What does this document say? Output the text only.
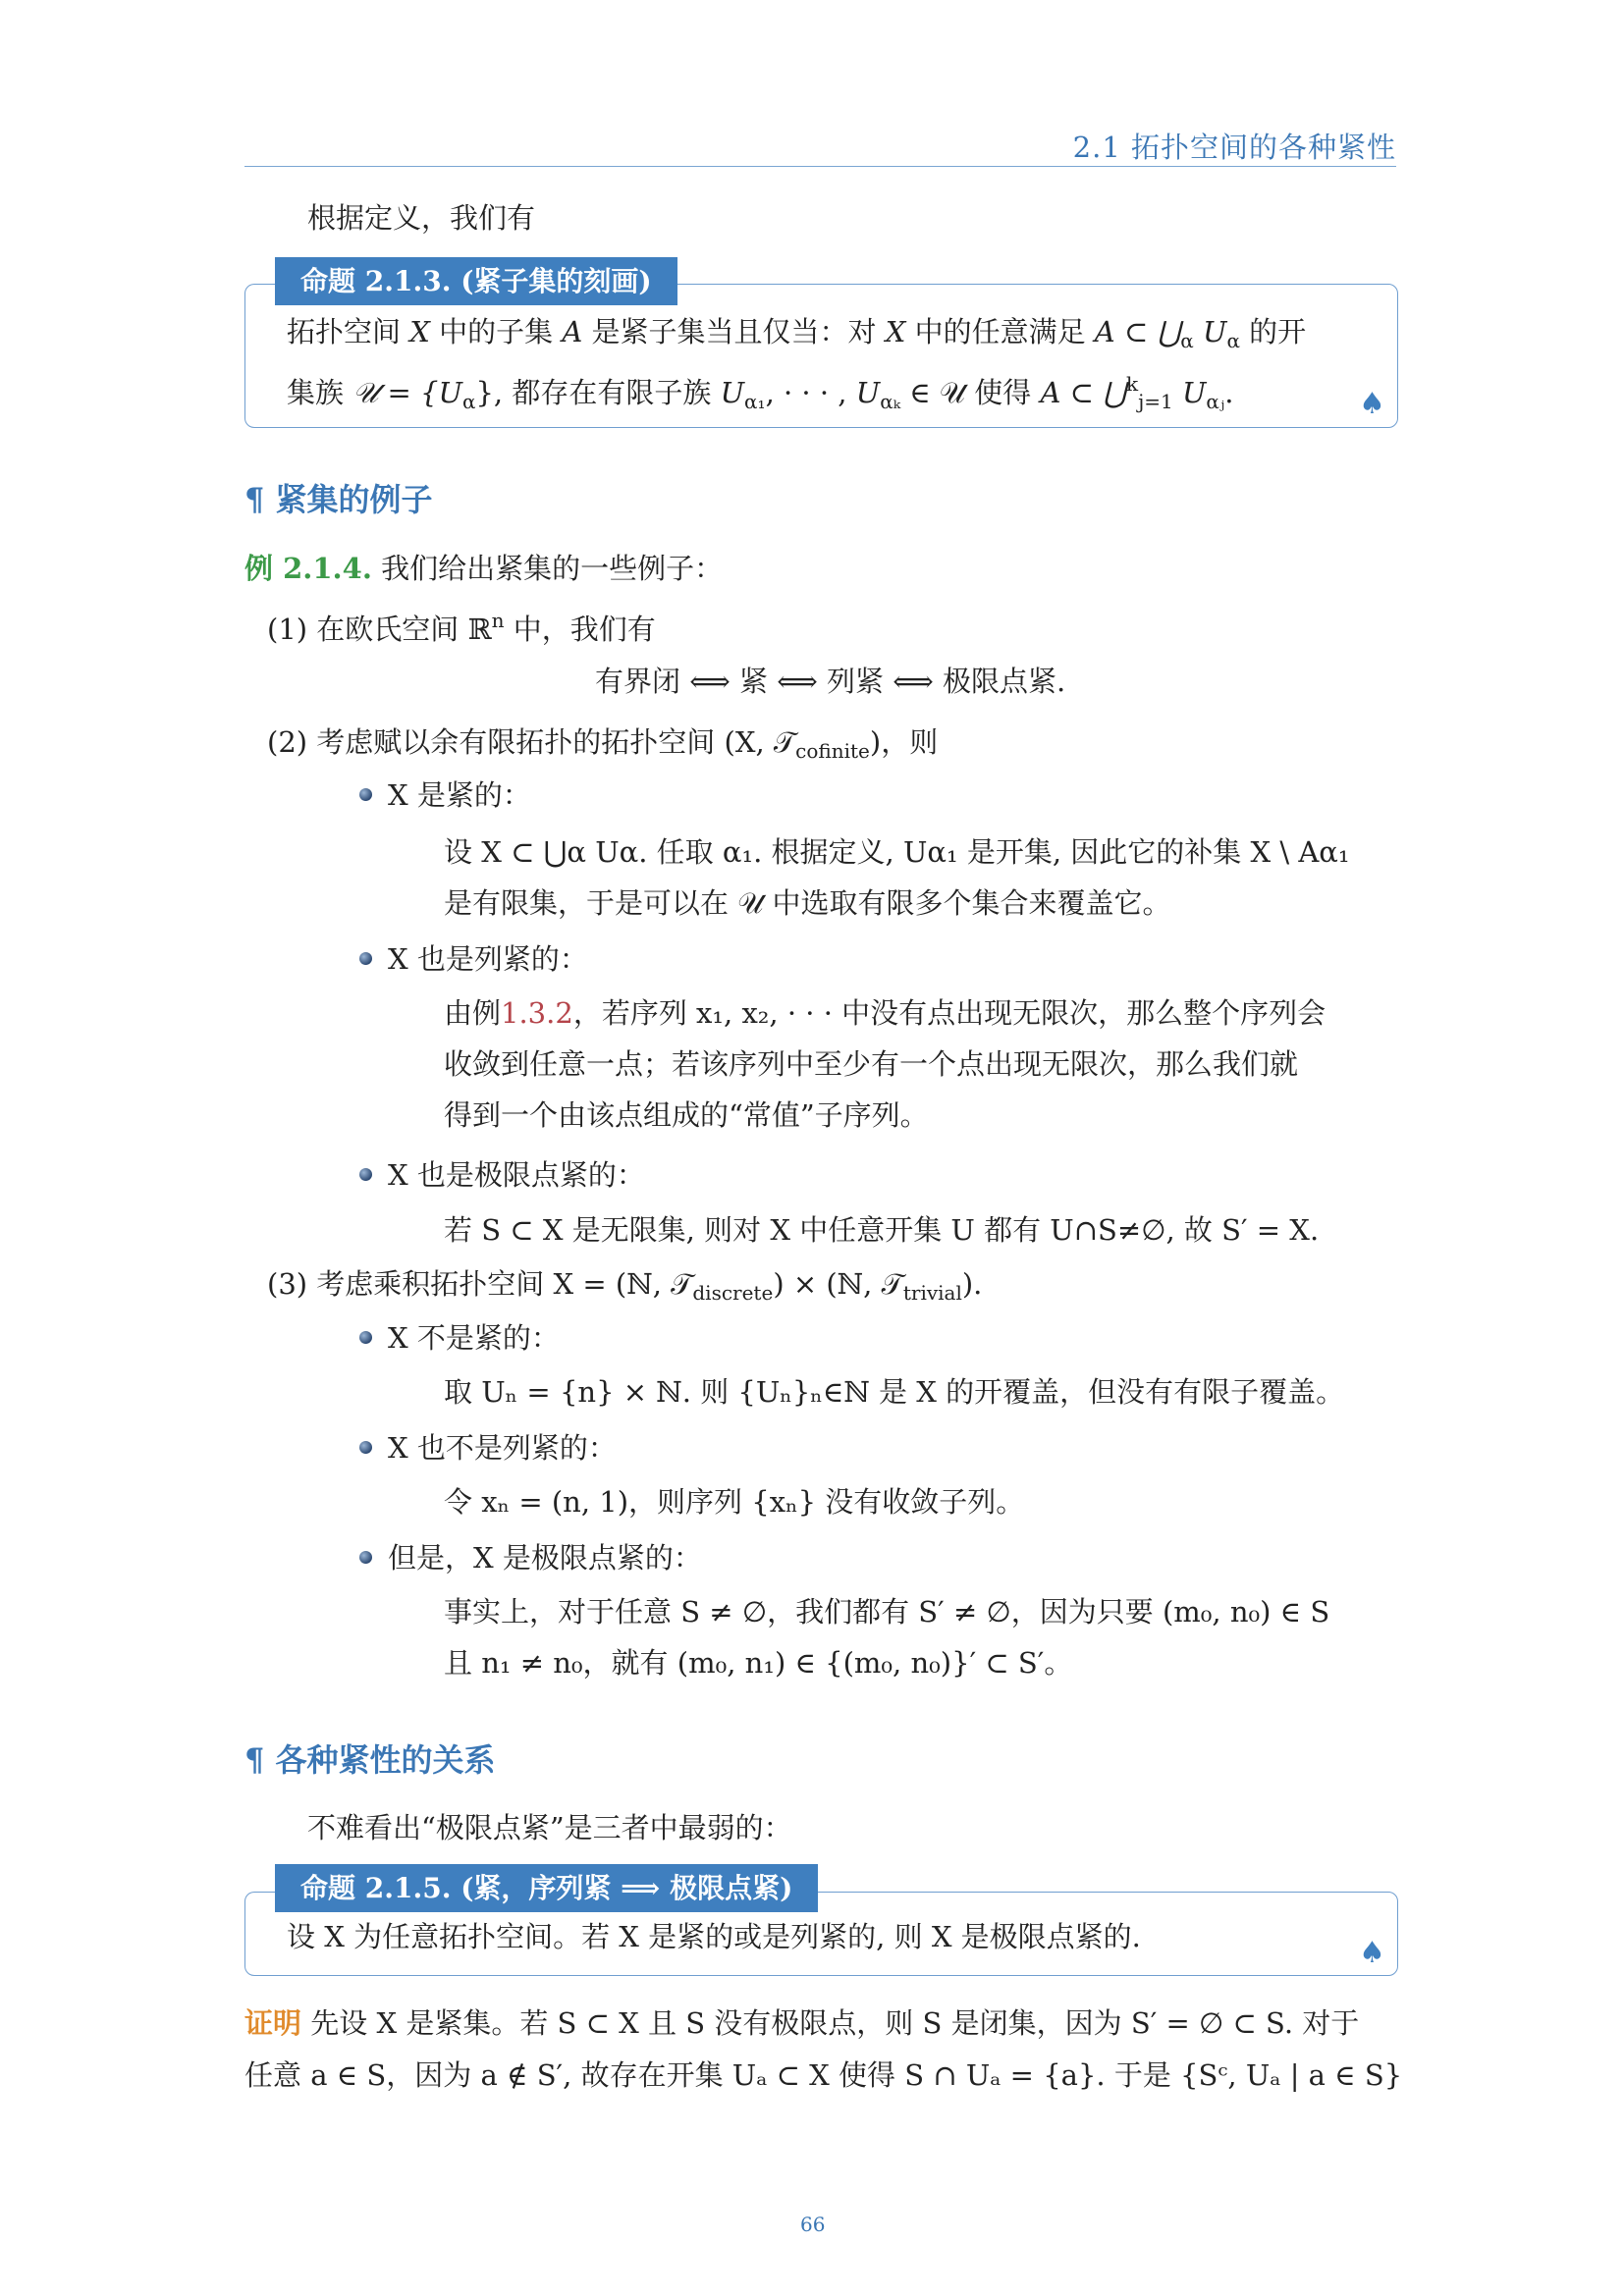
2.1 拓扑空间的各种紧性
根据定义，我们有
命题 2.1.3. (紧子集的刻画)
拓扑空间 X 中的子集 A 是紧子集当且仅当：对 X 中的任意满足 A ⊂ $⋃_\alpha$ $U_\alpha$ 的开
集族 𝒰 = $\{U_\alpha\}$, 都存在有限子族 $U_{\alpha_1}$, · · · , $U_{\alpha_k}$ ∈ 𝒰 使得 A ⊂ ⋃$^k_{j=1}$ $U_{\alpha ⱼ}$.	♠
¶ 紧集的例子
例 2.1.4. 我们给出紧集的一些例子：
(1) 在欧氏空间 ℝ$^n$ 中，我们有
有界闭 ⟺ 紧 ⟺ 列紧 ⟺ 极限点紧.
(2) 考虑赋以余有限拓扑的拓扑空间 (X, 𝒯$_{cofinite}$)，则
X 是紧的：
设 X ⊂ ⋃α Uα. 任取 α₁. 根据定义, Uα₁ 是开集, 因此它的补集 X \ Aα₁
是有限集，于是可以在 𝒰 中选取有限多个集合来覆盖它。
X 也是列紧的：
由例1.3.2，若序列 x₁, x₂, · · · 中没有点出现无限次，那么整个序列会
收敛到任意一点；若该序列中至少有一个点出现无限次，那么我们就
得到一个由该点组成的“常值”子序列。
X 也是极限点紧的：
若 S ⊂ X 是无限集, 则对 X 中任意开集 U 都有 U∩S≠∅, 故 S′ = X.
(3) 考虑乘积拓扑空间 X = (ℕ, 𝒯$_{discrete}$) × (ℕ, 𝒯$_{trivial}$).
X 不是紧的：
取 Uₙ = {n} × ℕ. 则 {Uₙ}ₙ∈ℕ 是 X 的开覆盖，但没有有限子覆盖。
X 也不是列紧的：
令 xₙ = (n, 1)，则序列 {xₙ} 没有收敛子列。
但是，X 是极限点紧的：
事实上，对于任意 S ≠ ∅，我们都有 S′ ≠ ∅，因为只要 (m₀, n₀) ∈ S
且 n₁ ≠ n₀，就有 (m₀, n₁) ∈ {(m₀, n₀)}′ ⊂ S′。
¶ 各种紧性的关系
不难看出“极限点紧”是三者中最弱的：
命题 2.1.5. (紧，序列紧 ⟹ 极限点紧)
设 X 为任意拓扑空间。若 X 是紧的或是列紧的, 则 X 是极限点紧的.	♠
证明 先设 X 是紧集。若 S ⊂ X 且 S 没有极限点，则 S 是闭集，因为 S′ = ∅ ⊂ S. 对于
任意 a ∈ S，因为 a ∉ S′, 故存在开集 Uₐ ⊂ X 使得 S ∩ Uₐ = {a}. 于是 {Sᶜ, Uₐ | a ∈ S}
66
